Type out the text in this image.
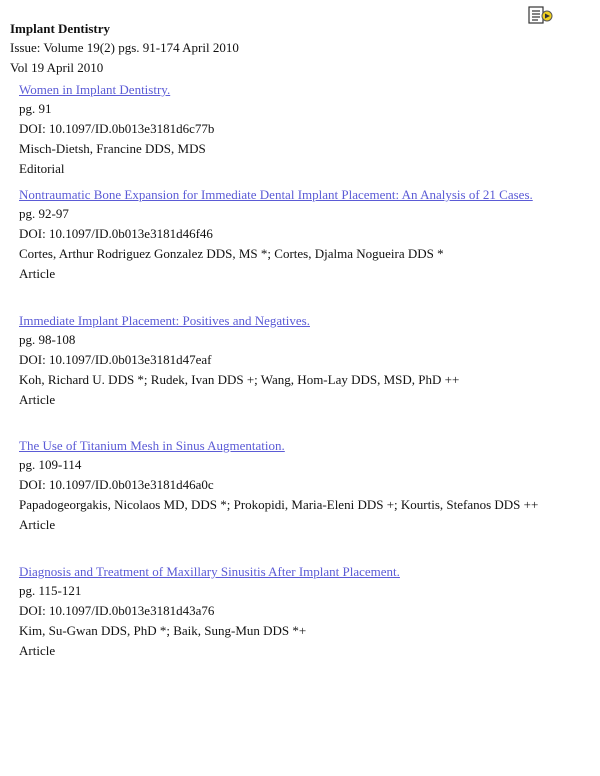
Implant Dentistry
Issue: Volume 19(2) pgs. 91-174 April 2010
Vol 19 April 2010
Women in Implant Dentistry.
pg. 91
DOI: 10.1097/ID.0b013e3181d6c77b
Misch-Dietsh, Francine DDS, MDS
Editorial
Nontraumatic Bone Expansion for Immediate Dental Implant Placement: An Analysis of 21 Cases.
pg. 92-97
DOI: 10.1097/ID.0b013e3181d46f46
Cortes, Arthur Rodriguez Gonzalez DDS, MS *; Cortes, Djalma Nogueira DDS *
Article
Immediate Implant Placement: Positives and Negatives.
pg. 98-108
DOI: 10.1097/ID.0b013e3181d47eaf
Koh, Richard U. DDS *; Rudek, Ivan DDS +; Wang, Hom-Lay DDS, MSD, PhD ++
Article
The Use of Titanium Mesh in Sinus Augmentation.
pg. 109-114
DOI: 10.1097/ID.0b013e3181d46a0c
Papadogeorgakis, Nicolaos MD, DDS *; Prokopidi, Maria-Eleni DDS +; Kourtis, Stefanos DDS ++
Article
Diagnosis and Treatment of Maxillary Sinusitis After Implant Placement.
pg. 115-121
DOI: 10.1097/ID.0b013e3181d43a76
Kim, Su-Gwan DDS, PhD *; Baik, Sung-Mun DDS *+
Article
